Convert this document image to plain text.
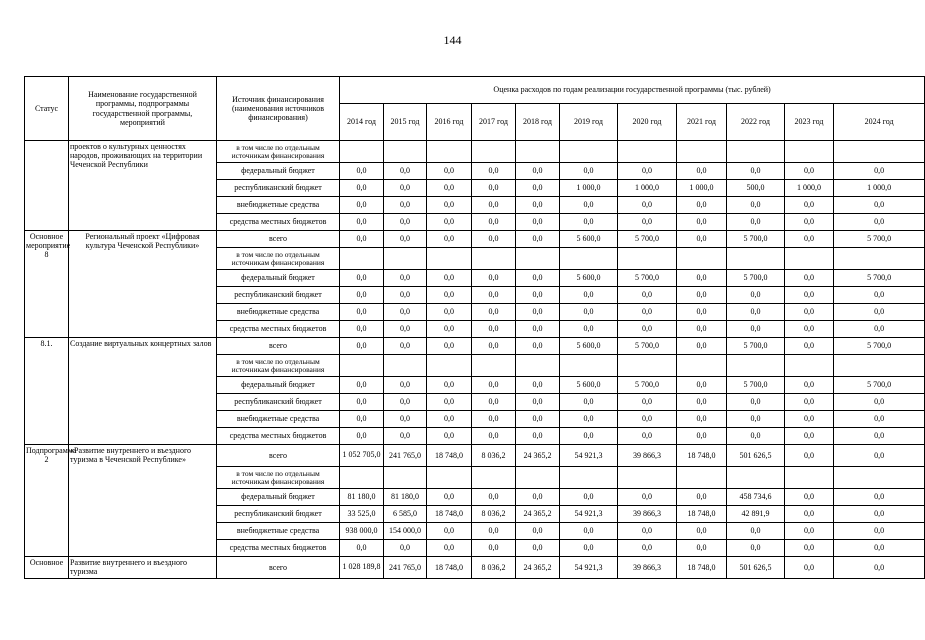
144
Статус	Наименование государственной программы, подпрограммы государственной программы, мероприятий	Источник финансирования (наименования источников финансирования)	Оценка расходов по годам реализации государственной программы (тыс. рублей)										
			2014 год	2015 год	2016 год	2017 год	2018 год	2019 год	2020 год	2021 год	2022 год	2023 год	2024 год
	проектов о культурных ценностях народов, проживающих на территории Чеченской Республики	в том числе по отдельным источникам финансирования											
		федеральный бюджет	0,0	0,0	0,0	0,0	0,0	0,0	0,0	0,0	0,0	0,0	0,0
		республиканский бюджет	0,0	0,0	0,0	0,0	0,0	1 000,0	1 000,0	1 000,0	500,0	1 000,0	1 000,0
		внебюджетные средства	0,0	0,0	0,0	0,0	0,0	0,0	0,0	0,0	0,0	0,0	0,0
		средства местных бюджетов	0,0	0,0	0,0	0,0	0,0	0,0	0,0	0,0	0,0	0,0	0,0
Основное мероприятие 8	Региональный проект «Цифровая культура Чеченской Республики»	всего	0,0	0,0	0,0	0,0	0,0	5 600,0	5 700,0	0,0	5 700,0	0,0	5 700,0
		в том числе по отдельным источникам финансирования											
		федеральный бюджет	0,0	0,0	0,0	0,0	0,0	5 600,0	5 700,0	0,0	5 700,0	0,0	5 700,0
		республиканский бюджет	0,0	0,0	0,0	0,0	0,0	0,0	0,0	0,0	0,0	0,0	0,0
		внебюджетные средства	0,0	0,0	0,0	0,0	0,0	0,0	0,0	0,0	0,0	0,0	0,0
		средства местных бюджетов	0,0	0,0	0,0	0,0	0,0	0,0	0,0	0,0	0,0	0,0	0,0
8.1.	Создание виртуальных концертных залов	всего	0,0	0,0	0,0	0,0	0,0	5 600,0	5 700,0	0,0	5 700,0	0,0	5 700,0
		в том числе по отдельным источникам финансирования											
		федеральный бюджет	0,0	0,0	0,0	0,0	0,0	5 600,0	5 700,0	0,0	5 700,0	0,0	5 700,0
		республиканский бюджет	0,0	0,0	0,0	0,0	0,0	0,0	0,0	0,0	0,0	0,0	0,0
		внебюджетные средства	0,0	0,0	0,0	0,0	0,0	0,0	0,0	0,0	0,0	0,0	0,0
		средства местных бюджетов	0,0	0,0	0,0	0,0	0,0	0,0	0,0	0,0	0,0	0,0	0,0
Подпрограмма 2	«Развитие внутреннего и въездного туризма в Чеченской Республике»	всего	1 052 705,0	241 765,0	18 748,0	8 036,2	24 365,2	54 921,3	39 866,3	18 748,0	501 626,5	0,0	0,0
		в том числе по отдельным источникам финансирования											
		федеральный бюджет	81 180,0	81 180,0	0,0	0,0	0,0	0,0	0,0	0,0	458 734,6	0,0	0,0
		республиканский бюджет	33 525,0	6 585,0	18 748,0	8 036,2	24 365,2	54 921,3	39 866,3	18 748,0	42 891,9	0,0	0,0
		внебюджетные средства	938 000,0	154 000,0	0,0	0,0	0,0	0,0	0,0	0,0	0,0	0,0	0,0
		средства местных бюджетов	0,0	0,0	0,0	0,0	0,0	0,0	0,0	0,0	0,0	0,0	0,0
Основное	Развитие внутреннего и въездного туризма	всего	1 028 189,8	241 765,0	18 748,0	8 036,2	24 365,2	54 921,3	39 866,3	18 748,0	501 626,5	0,0	0,0
